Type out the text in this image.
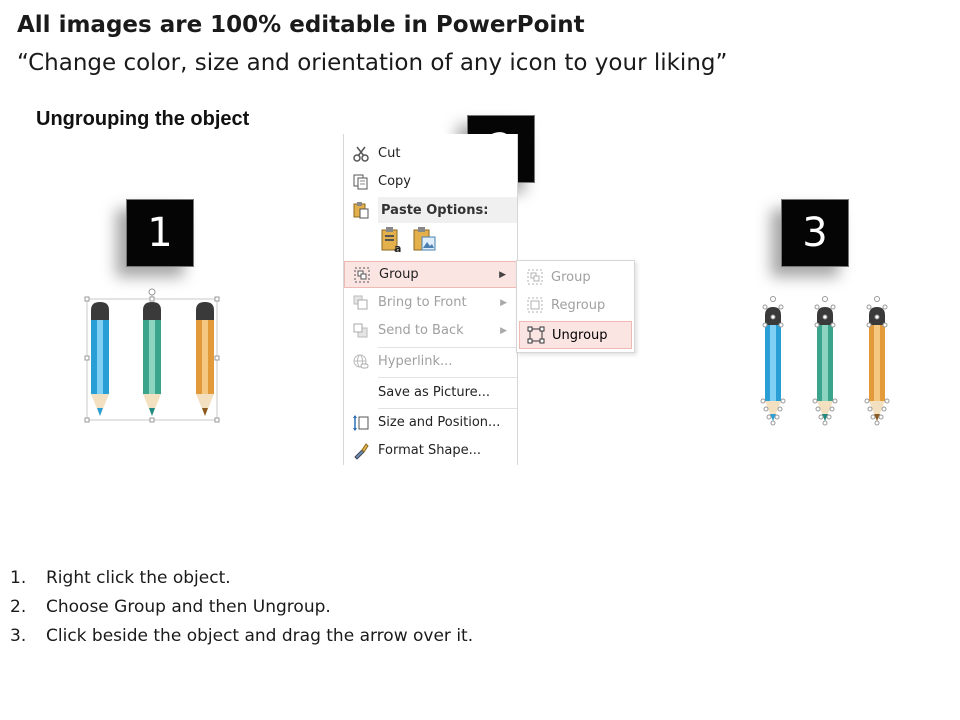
All images are 100% editable in PowerPoint
“Change color, size and orientation of any icon to your liking”
Ungrouping the object
1	3
Cut
Copy
Paste Options:
a
Group	▶
Bring to Front	▶
Send to Back	▶
Hyperlink...
Save as Picture...
Size and Position...
Format Shape...
Group
Regroup
Ungroup
1.	Right click the object.
2.	Choose Group and then Ungroup.
3.	Click beside the object and drag the arrow over it.
